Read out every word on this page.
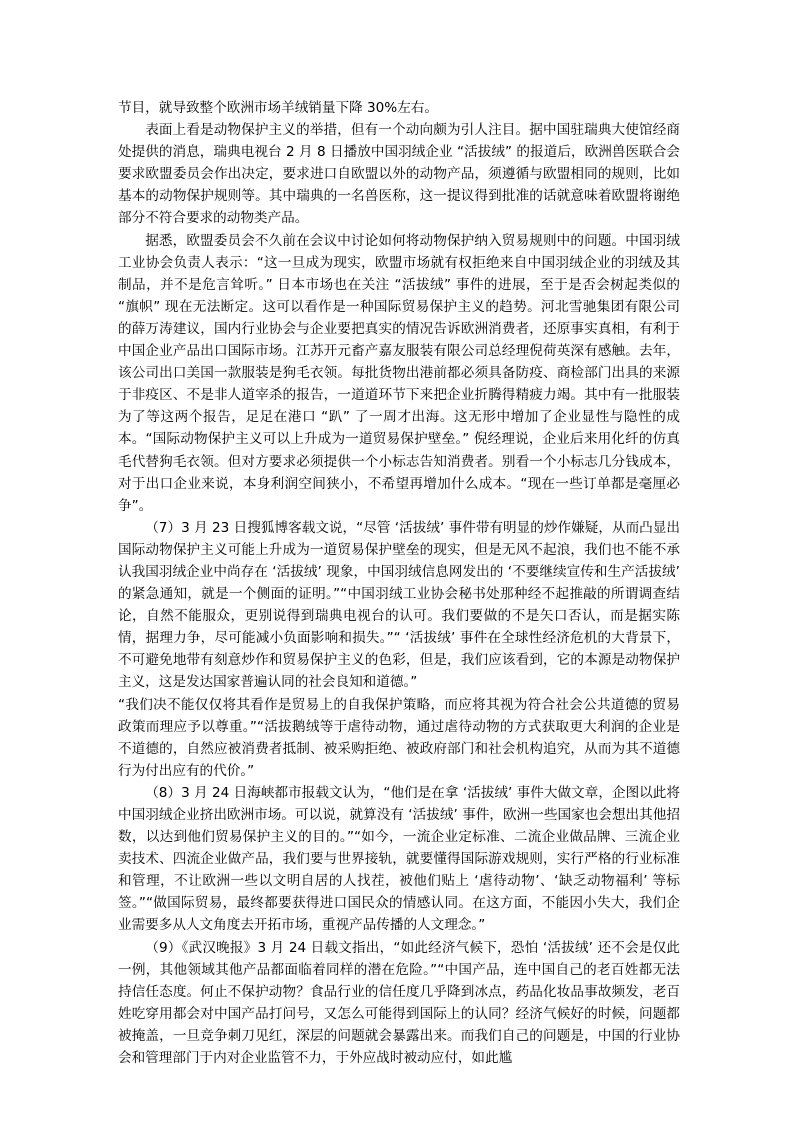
节目，就导致整个欧洲市场羊绒销量下降 30%左右。

表面上看是动物保护主义的举措，但有一个动向颇为引人注目。据中国驻瑞典大使馆经商处提供的消息，瑞典电视台 2 月 8 日播放中国羽绒企业 “活拔绒” 的报道后，欧洲兽医联合会要求欧盟委员会作出决定，要求进口自欧盟以外的动物产品，须遵循与欧盟相同的规则，比如基本的动物保护规则等。其中瑞典的一名兽医称，这一提议得到批准的话就意味着欧盟将谢绝部分不符合要求的动物类产品。

据悉，欧盟委员会不久前在会议中讨论如何将动物保护纳入贸易规则中的问题。中国羽绒工业协会负责人表示：“这一旦成为现实，欧盟市场就有权拒绝来自中国羽绒企业的羽绒及其制品，并不是危言耸听。” 日本市场也在关注 “活拔绒” 事件的进展，至于是否会树起类似的 “旗帜” 现在无法断定。这可以看作是一种国际贸易保护主义的趋势。河北雪驰集团有限公司的薛万涛建议，国内行业协会与企业要把真实的情况告诉欧洲消费者，还原事实真相，有利于中国企业产品出口国际市场。江苏开元畜产嘉友服装有限公司总经理倪荷英深有感触。去年，该公司出口美国一款服装是狗毛衣领。每批货物出港前都必须具备防疫、商检部门出具的来源于非疫区、不是非人道宰杀的报告，一道道环节下来把企业折腾得精疲力竭。其中有一批服装为了等这两个报告，足足在港口 “趴” 了一周才出海。这无形中增加了企业显性与隐性的成本。“国际动物保护主义可以上升成为一道贸易保护壁垒。” 倪经理说，企业后来用化纤的仿真毛代替狗毛衣领。但对方要求必须提供一个小标志告知消费者。别看一个小标志几分钱成本，对于出口企业来说，本身利润空间狭小，不希望再增加什么成本。“现在一些订单都是毫厘必争”。

（7）3 月 23 日搜狐博客载文说，“尽管 ‘活拔绒’ 事件带有明显的炒作嫌疑，从而凸显出国际动物保护主义可能上升成为一道贸易保护壁垒的现实，但是无风不起浪，我们也不能不承认我国羽绒企业中尚存在 ‘活拔绒’ 现象，中国羽绒信息网发出的 ‘不要继续宣传和生产活拔绒’ 的紧急通知，就是一个侧面的证明。”“中国羽绒工业协会秘书处那种经不起推敲的所谓调查结论，自然不能服众，更别说得到瑞典电视台的认可。我们要做的不是矢口否认，而是据实陈情，据理力争，尽可能减小负面影响和损失。”“ ‘活拔绒’ 事件在全球性经济危机的大背景下，不可避免地带有刻意炒作和贸易保护主义的色彩，但是，我们应该看到，它的本源是动物保护主义，这是发达国家普遍认同的社会良知和道德。”

“我们决不能仅仅将其看作是贸易上的自我保护策略，而应将其视为符合社会公共道德的贸易政策而理应予以尊重。”“活拔鹅绒等于虐待动物，通过虐待动物的方式获取更大利润的企业是不道德的，自然应被消费者抵制、被采购拒绝、被政府部门和社会机构追究，从而为其不道德行为付出应有的代价。”

（8）3 月 24 日海峡都市报载文认为，“他们是在拿 ‘活拔绒’ 事件大做文章，企图以此将中国羽绒企业挤出欧洲市场。可以说，就算没有 ‘活拔绒’ 事件，欧洲一些国家也会想出其他招数，以达到他们贸易保护主义的目的。”“如今，一流企业定标准、二流企业做品牌、三流企业卖技术、四流企业做产品，我们要与世界接轨，就要懂得国际游戏规则，实行严格的行业标准和管理，不让欧洲一些以文明自居的人找茬，被他们贴上 ‘虐待动物’、‘缺乏动物福利’ 等标签。”“做国际贸易，最终都要获得进口国民众的情感认同。在这方面，不能因小失大，我们企业需要多从人文角度去开拓市场，重视产品传播的人文理念。”

（9）《武汉晚报》3 月 24 日载文指出，“如此经济气候下，恐怕 ‘活拔绒’ 还不会是仅此一例，其他领域其他产品都面临着同样的潜在危险。”“中国产品，连中国自己的老百姓都无法持信任态度。何止不保护动物？食品行业的信任度几乎降到冰点，药品化妆品事故频发，老百姓吃穿用都会对中国产品打问号，又怎么可能得到国际上的认同？经济气候好的时候，问题都被掩盖，一旦竞争刺刀见红，深层的问题就会暴露出来。而我们自己的问题是，中国的行业协会和管理部门于内对企业监管不力，于外应战时被动应付，如此尴
